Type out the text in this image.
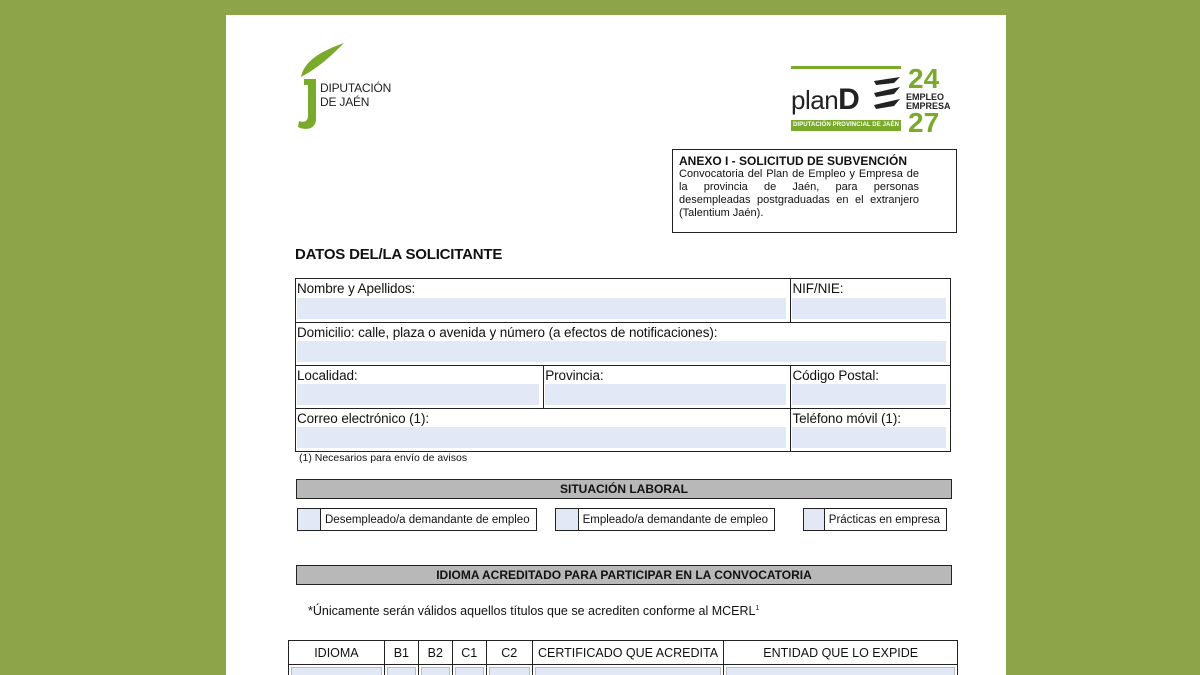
DIPUTACIÓN
DE JAÉN	planD
DIPUTACIÓN PROVINCIAL DE JAÉN
24
EMPLEO
EMPRESA
27
ANEXO I - SOLICITUD DE SUBVENCIÓN
Convocatoria del Plan de Empleo y Empresa de la provincia de Jaén, para personas desempleadas postgraduadas en el extranjero (Talentium Jaén).
DATOS DEL/LA SOLICITANTE
Nombre y Apellidos:	NIF/NIE:
Domicilio: calle, plaza o avenida y número (a efectos de notificaciones):
Localidad:	Provincia:	Código Postal:
Correo electrónico (1):	Teléfono móvil (1):
(1) Necesarios para envío de avisos
SITUACIÓN LABORAL
Desempleado/a demandante de empleo	Empleado/a demandante de empleo	Prácticas en empresa
IDIOMA ACREDITADO PARA PARTICIPAR EN LA CONVOCATORIA
*Únicamente serán válidos aquellos títulos que se acrediten conforme al MCERL$^1$
IDIOMA	B1	B2	C1	C2	CERTIFICADO QUE ACREDITA	ENTIDAD QUE LO EXPIDE
